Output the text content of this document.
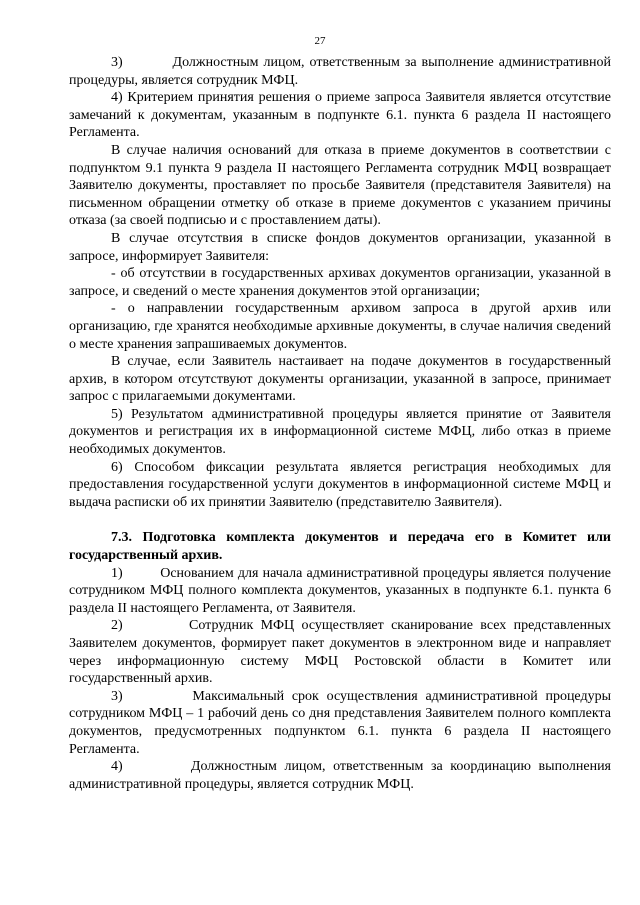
27

3)          Должностным лицом, ответственным за выполнение административной процедуры, является сотрудник МФЦ.

4) Критерием принятия решения о приеме запроса Заявителя является отсутствие замечаний к документам, указанным в подпункте 6.1. пункта 6 раздела II настоящего Регламента.

В случае наличия оснований для отказа в приеме документов в соответствии с подпунктом 9.1 пункта 9 раздела II настоящего Регламента сотрудник МФЦ возвращает Заявителю документы, проставляет по просьбе Заявителя (представителя Заявителя) на письменном обращении отметку об отказе в приеме документов с указанием причины отказа (за своей подписью и с проставлением даты).

В случае отсутствия в списке фондов документов организации, указанной в запросе, информирует Заявителя:

- об отсутствии в государственных архивах документов организации, указанной в запросе, и сведений о месте хранения документов этой организации;

- о направлении государственным архивом запроса в другой архив или организацию, где хранятся необходимые архивные документы, в случае наличия сведений о месте хранения запрашиваемых документов.

В случае, если Заявитель настаивает на подаче документов в государственный архив, в котором отсутствуют документы организации, указанной в запросе, принимает запрос с прилагаемыми документами.

5) Результатом административной процедуры является принятие от Заявителя документов и регистрация их в информационной системе МФЦ, либо отказ в приеме необходимых документов.

6) Способом фиксации результата является регистрация необходимых для предоставления государственной услуги документов в информационной системе МФЦ и выдача расписки об их принятии Заявителю (представителю Заявителя).

7.3. Подготовка комплекта документов и передача его в Комитет или государственный архив.

1)         Основанием для начала административной процедуры является получение сотрудником МФЦ полного комплекта документов, указанных в подпункте 6.1. пункта 6 раздела II настоящего Регламента, от Заявителя.

2)         Сотрудник МФЦ осуществляет сканирование всех представленных Заявителем документов, формирует пакет документов в электронном виде и направляет через информационную систему МФЦ Ростовской области в Комитет или государственный архив.

3)         Максимальный срок осуществления административной процедуры сотрудником МФЦ – 1 рабочий день со дня представления Заявителем полного комплекта документов, предусмотренных подпунктом 6.1. пункта 6 раздела II настоящего Регламента.

4)         Должностным лицом, ответственным за координацию выполнения административной процедуры, является сотрудник МФЦ.
